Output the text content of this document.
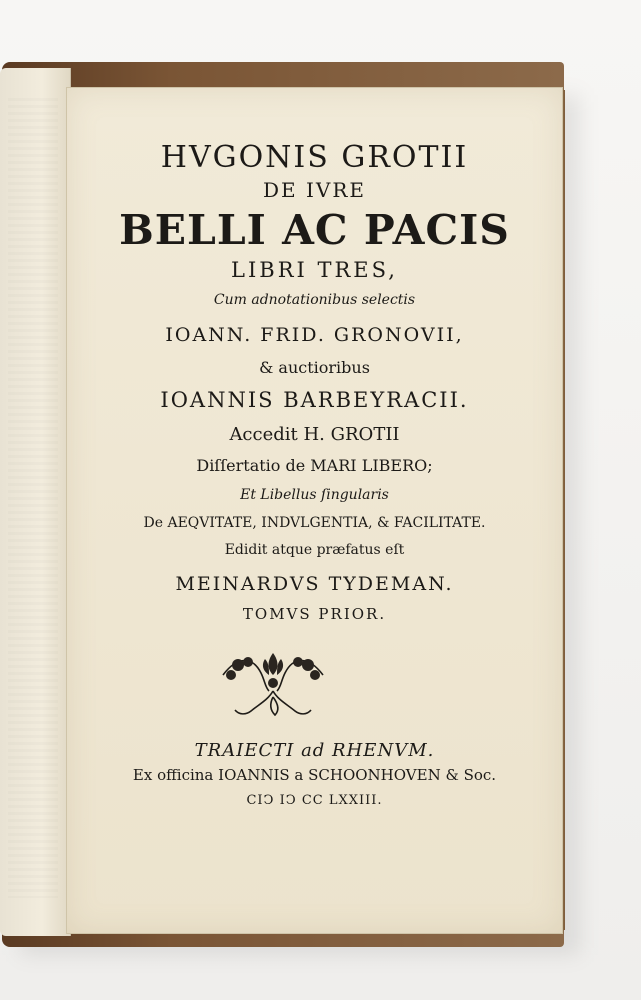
HVGONIS GROTII
DE IVRE
BELLI AC PACIS
LIBRI TRES,
Cum adnotationibus selectis
IOANN. FRID. GRONOVII,
& auctioribus
IOANNIS BARBEYRACII.
Accedit H. GROTII
Diſſertatio de MARI LIBERO;
Et Libellus ſingularis
De AEQVITATE, INDVLGENTIA, & FACILITATE.
Edidit atque præfatus eſt
MEINARDVS TYDEMAN.
TOMVS PRIOR.
TRAIECTI ad RHENVM.
Ex officina IOANNIS a SCHOONHOVEN & Soc.
CIↃ IↃ CC LXXIII.
